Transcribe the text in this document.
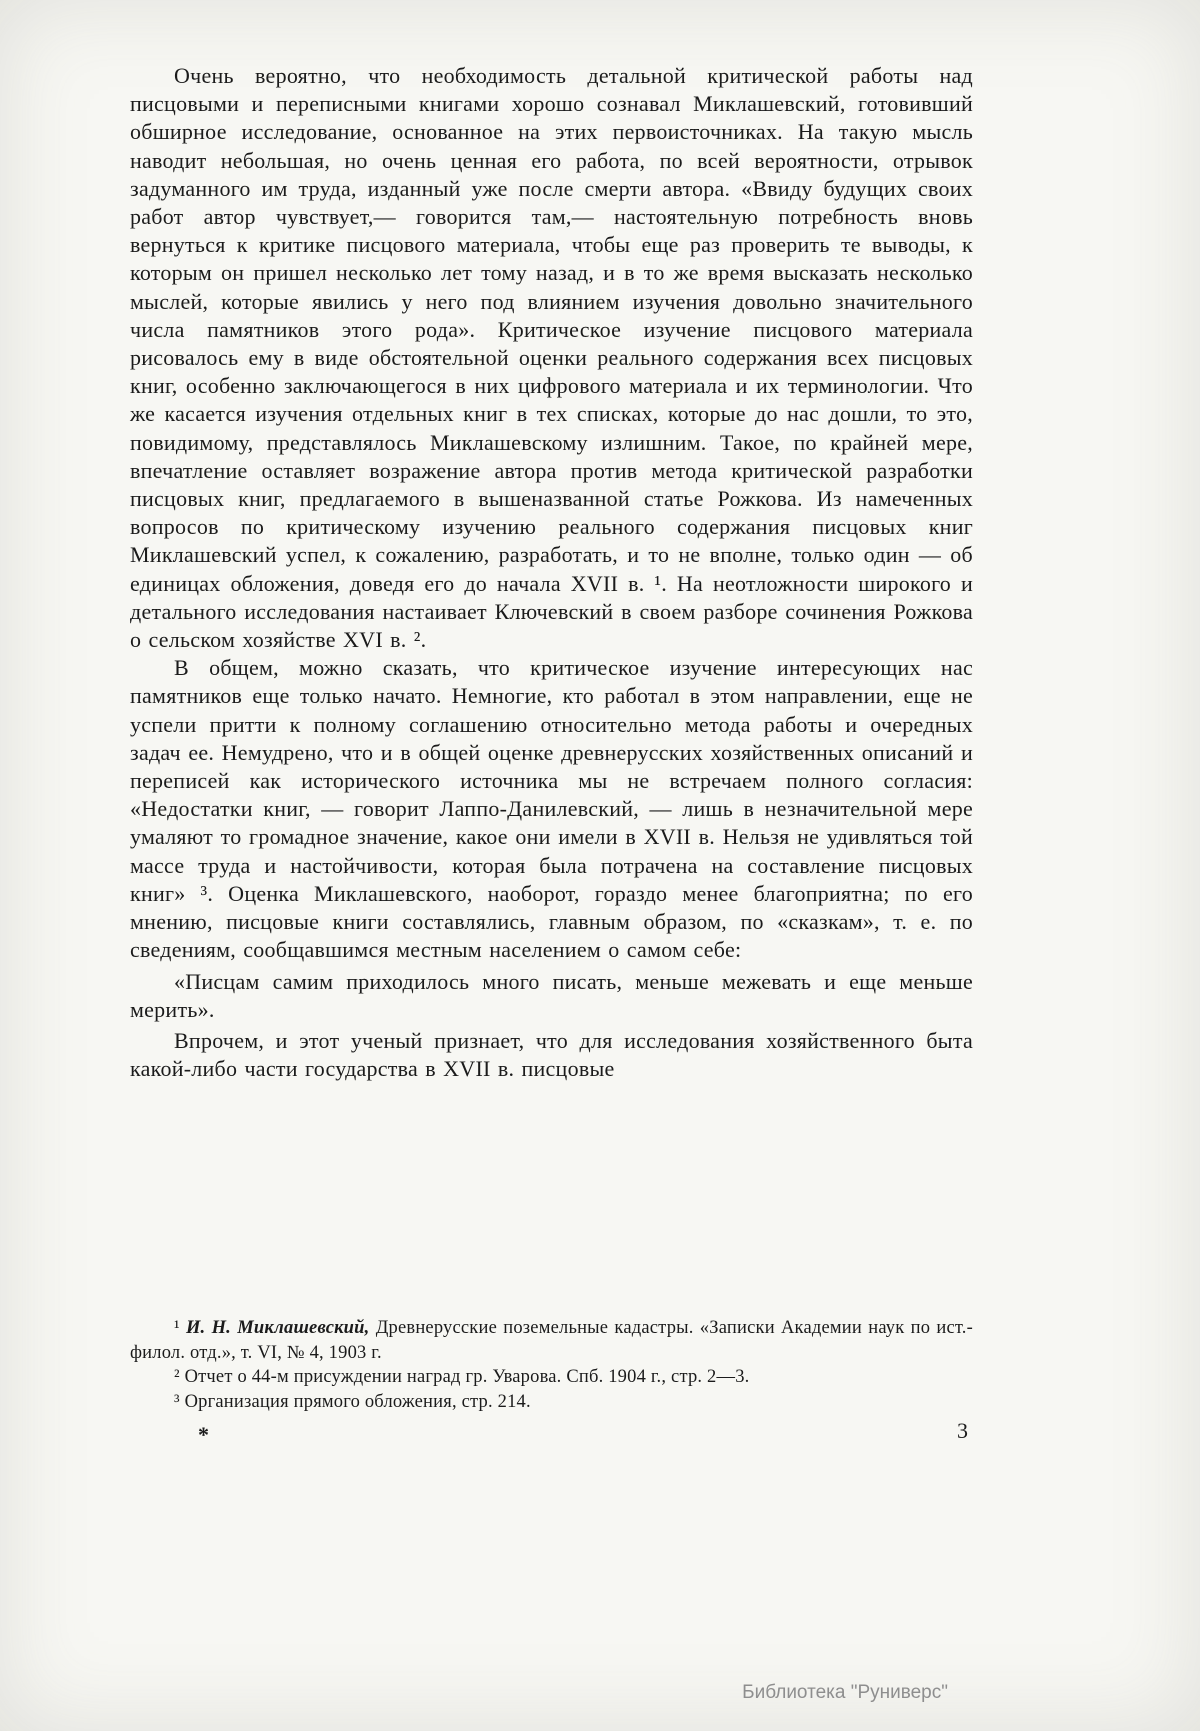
Очень вероятно, что необходимость детальной критической работы над писцовыми и переписными книгами хорошо сознавал Миклашевский, готовивший обширное исследование, основанное на этих первоисточниках. На такую мысль наводит небольшая, но очень ценная его работа, по всей вероятности, отрывок задуманного им труда, изданный уже после смерти автора. «Ввиду будущих своих работ автор чувствует,— говорится там,— настоятельную потребность вновь вернуться к критике писцового материала, чтобы еще раз проверить те выводы, к которым он пришел несколько лет тому назад, и в то же время высказать несколько мыслей, которые явились у него под влиянием изучения довольно значительного числа памятников этого рода». Критическое изучение писцового материала рисовалось ему в виде обстоятельной оценки реального содержания всех писцовых книг, особенно заключающегося в них цифрового материала и их терминологии. Что же касается изучения отдельных книг в тех списках, которые до нас дошли, то это, повидимому, представлялось Миклашевскому излишним. Такое, по крайней мере, впечатление оставляет возражение автора против метода критической разработки писцовых книг, предлагаемого в вышеназванной статье Рожкова. Из намеченных вопросов по критическому изучению реального содержания писцовых книг Миклашевский успел, к сожалению, разработать, и то не вполне, только один — об единицах обложения, доведя его до начала XVII в. ¹. На неотложности широкого и детального исследования настаивает Ключевский в своем разборе сочинения Рожкова о сельском хозяйстве XVI в. ².

В общем, можно сказать, что критическое изучение интересующих нас памятников еще только начато. Немногие, кто работал в этом направлении, еще не успели притти к полному соглашению относительно метода работы и очередных задач ее. Немудрено, что и в общей оценке древнерусских хозяйственных описаний и переписей как исторического источника мы не встречаем полного согласия: «Недостатки книг, — говорит Лаппо-Данилевский, — лишь в незначительной мере умаляют то громадное значение, какое они имели в XVII в. Нельзя не удивляться той массе труда и настойчивости, которая была потрачена на составление писцовых книг» ³. Оценка Миклашевского, наоборот, гораздо менее благоприятна; по его мнению, писцовые книги составлялись, главным образом, по «сказкам», т. е. по сведениям, сообщавшимся местным населением о самом себе:

«Писцам самим приходилось много писать, меньше межевать и еще меньше мерить».

Впрочем, и этот ученый признает, что для исследования хозяйственного быта какой-либо части государства в XVII в. писцовые

¹ И. Н. Миклашевский, Древнерусские поземельные кадастры. «Записки Академии наук по ист.-филол. отд.», т. VI, № 4, 1903 г.

² Отчет о 44-м присуждении наград гр. Уварова. Спб. 1904 г., стр. 2—3.

³ Организация прямого обложения, стр. 214.

*	3
Библиотека "Руниверс"
